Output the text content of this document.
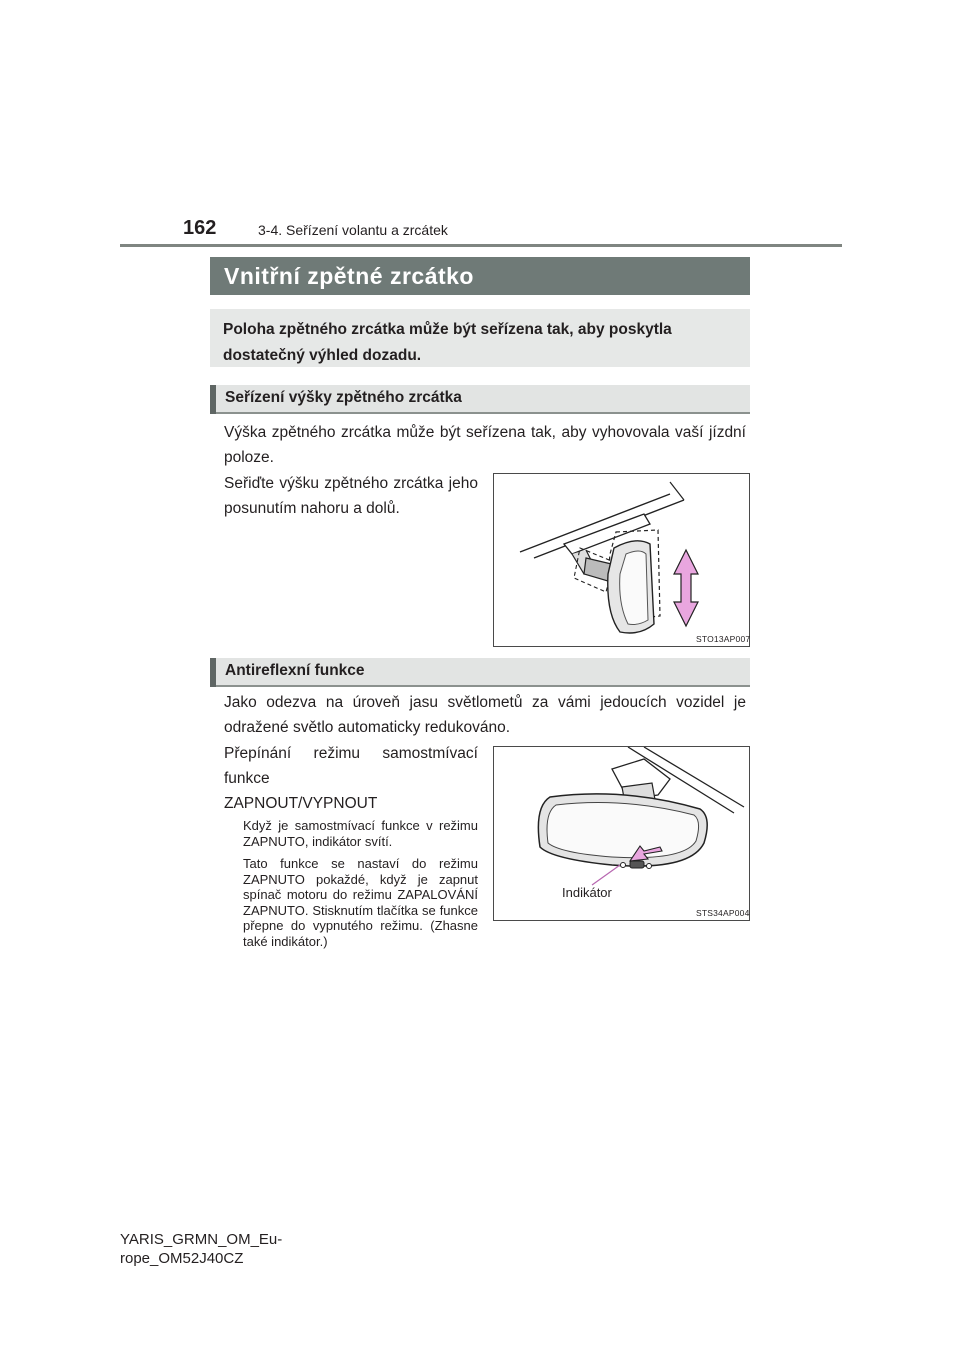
162	3-4. Seřízení volantu a zrcátek
Vnitřní zpětné zrcátko
Poloha zpětného zrcátka může být seřízena tak, aby poskytla dostatečný výhled dozadu.
Seřízení výšky zpětného zrcátka
Výška zpětného zrcátka může být seřízena tak, aby vyhovovala vaší jízdní poloze.
Seřiďte výšku zpětného zrcátka jeho posunutím nahoru a dolů.
STO13AP007
Antireflexní funkce
Jako odezva na úroveň jasu světlometů za vámi jedoucích vozidel je odražené světlo automaticky redukováno.
Přepínání režimu samostmívací funkce
ZAPNOUT/VYPNOUT
Když je samostmívací funkce v režimu ZAPNUTO, indikátor svítí.
Tato funkce se nastaví do režimu ZAPNUTO pokaždé, když je zapnut spínač motoru do režimu ZAPALOVÁNÍ ZAPNUTO. Stisknutím tlačítka se funkce přepne do vypnutého režimu. (Zhasne také indikátor.)
Indikátor
STS34AP004
YARIS_GRMN_OM_Eu-
rope_OM52J40CZ
